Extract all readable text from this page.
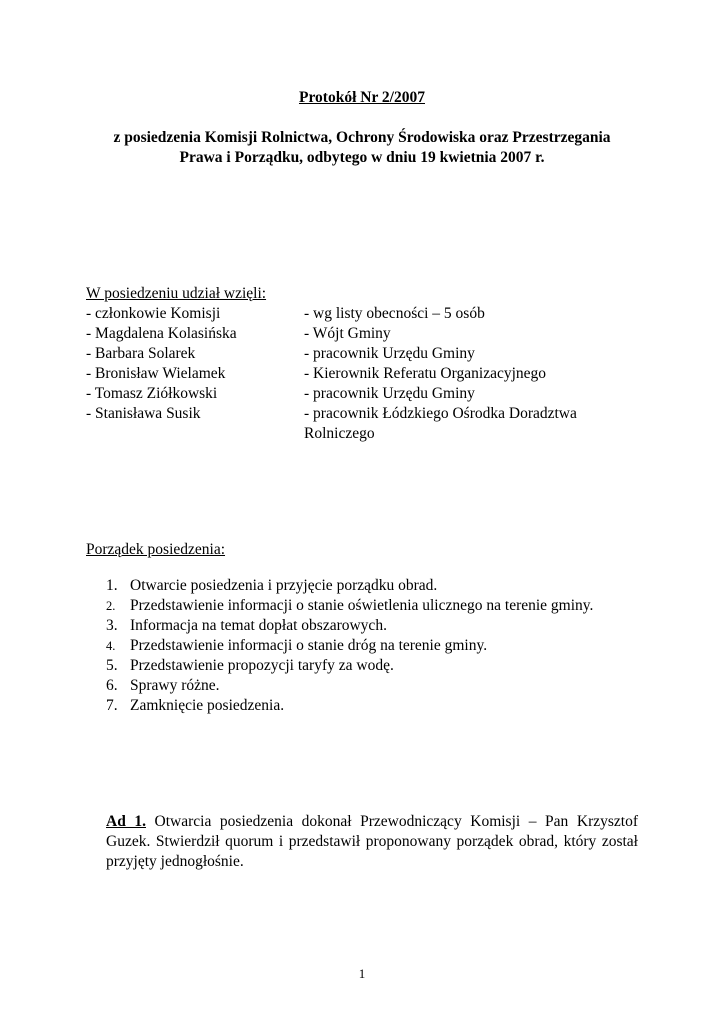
Protokół Nr 2/2007
z posiedzenia Komisji Rolnictwa, Ochrony Środowiska oraz Przestrzegania
Prawa i Porządku, odbytego w dniu 19 kwietnia 2007 r.
W posiedzeniu udział wzięli:
- członkowie Komisji	- wg listy obecności – 5 osób
- Magdalena Kolasińska	- Wójt Gminy
- Barbara Solarek	- pracownik Urzędu Gminy
- Bronisław Wielamek	- Kierownik Referatu Organizacyjnego
- Tomasz Ziółkowski	- pracownik Urzędu Gminy
- Stanisława Susik	- pracownik Łódzkiego Ośrodka Doradztwa Rolniczego
Porządek posiedzenia:
1. Otwarcie posiedzenia i przyjęcie porządku obrad.
2. Przedstawienie informacji o stanie oświetlenia ulicznego na terenie gminy.
3. Informacja na temat dopłat obszarowych.
4. Przedstawienie informacji o stanie dróg na terenie gminy.
5. Przedstawienie propozycji taryfy za wodę.
6. Sprawy różne.
7. Zamknięcie posiedzenia.

Ad 1. Otwarcia posiedzenia dokonał Przewodniczący Komisji – Pan Krzysztof Guzek. Stwierdził quorum i przedstawił proponowany porządek obrad, który został przyjęty jednogłośnie.

1
